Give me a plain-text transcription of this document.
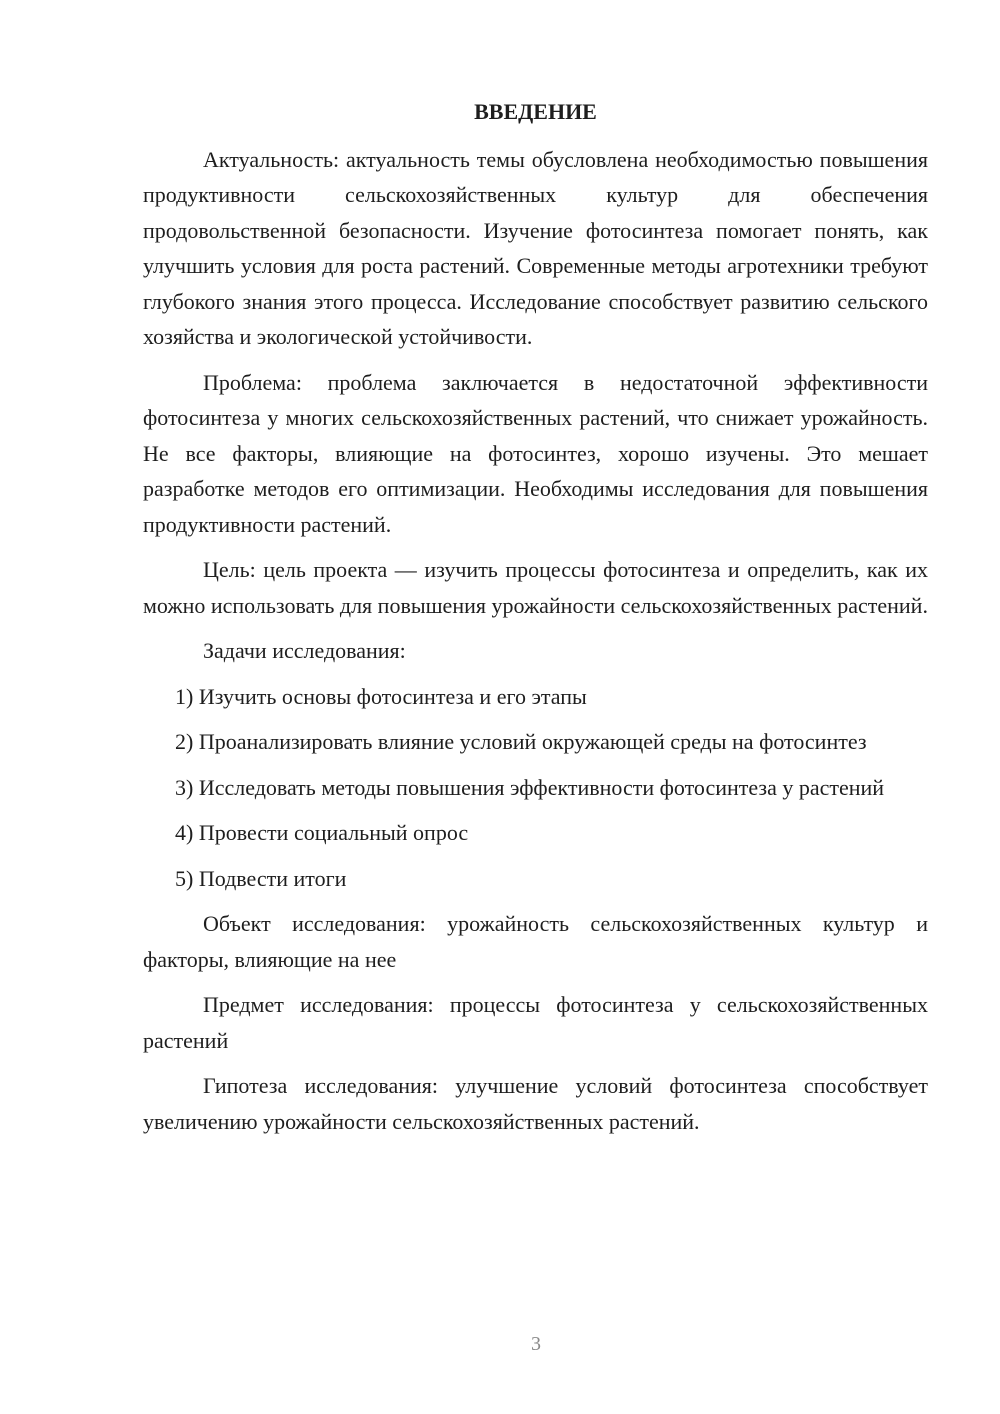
ВВЕДЕНИЕ

Актуальность: актуальность темы обусловлена необходимостью повышения продуктивности сельскохозяйственных культур для обеспечения продовольственной безопасности. Изучение фотосинтеза помогает понять, как улучшить условия для роста растений. Современные методы агротехники требуют глубокого знания этого процесса. Исследование способствует развитию сельского хозяйства и экологической устойчивости.

Проблема: проблема заключается в недостаточной эффективности фотосинтеза у многих сельскохозяйственных растений, что снижает урожайность. Не все факторы, влияющие на фотосинтез, хорошо изучены. Это мешает разработке методов его оптимизации. Необходимы исследования для повышения продуктивности растений.

Цель: цель проекта — изучить процессы фотосинтеза и определить, как их можно использовать для повышения урожайности сельскохозяйственных растений.

Задачи исследования:

1) Изучить основы фотосинтеза и его этапы

2) Проанализировать влияние условий окружающей среды на фотосинтез

3) Исследовать методы повышения эффективности фотосинтеза у растений

4) Провести социальный опрос

5) Подвести итоги

Объект исследования: урожайность сельскохозяйственных культур и факторы, влияющие на нее

Предмет исследования: процессы фотосинтеза у сельскохозяйственных растений

Гипотеза исследования: улучшение условий фотосинтеза способствует увеличению урожайности сельскохозяйственных растений.

3
